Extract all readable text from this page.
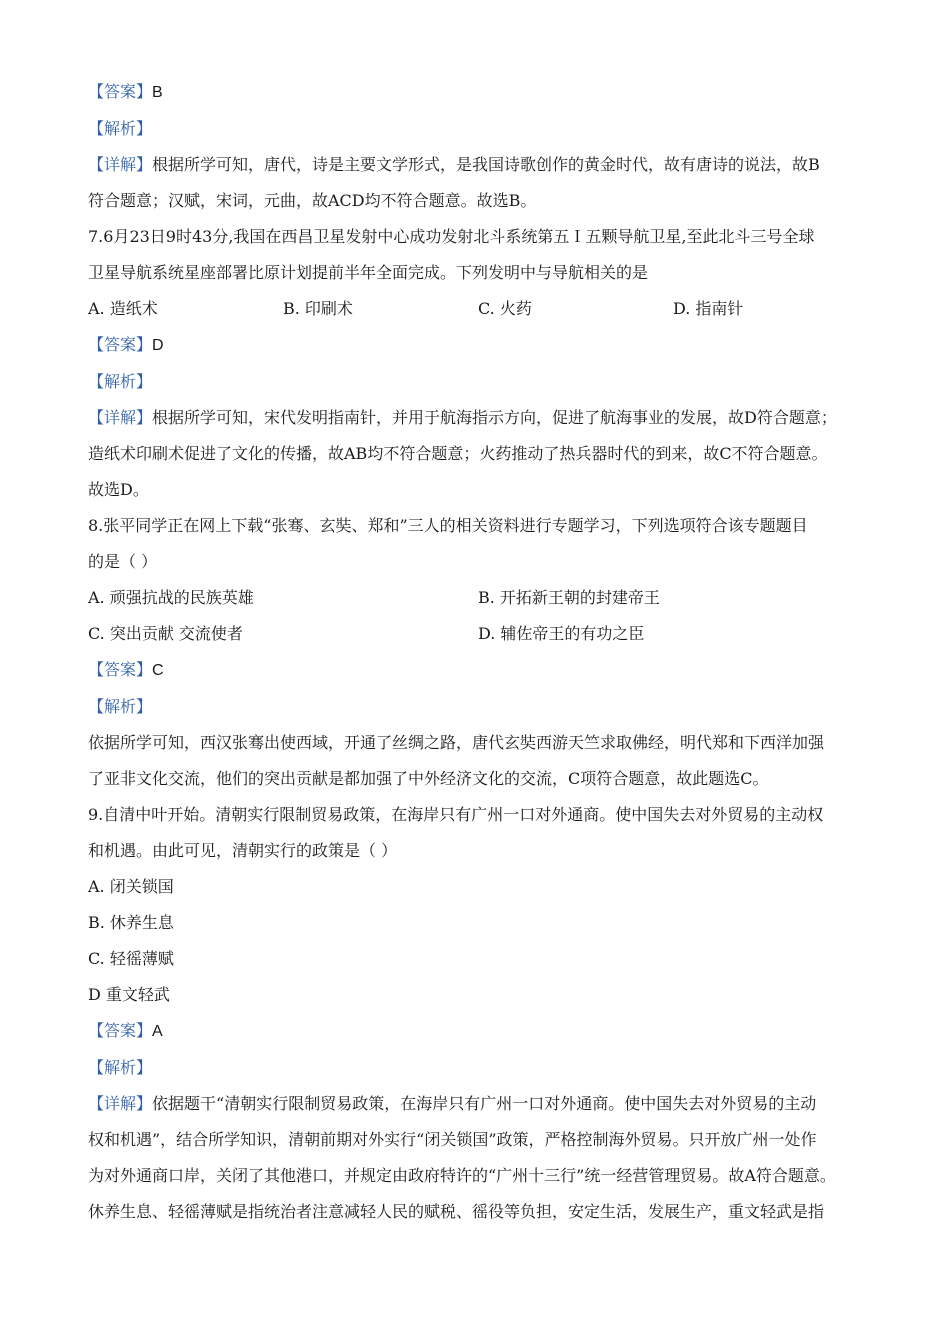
【答案】B
【解析】
【详解】根据所学可知，唐代，诗是主要文学形式，是我国诗歌创作的黄金时代，故有唐诗的说法，故B
符合题意；汉赋，宋词，元曲，故ACD均不符合题意。故选B。
7.6月23日9时43分,我国在西昌卫星发射中心成功发射北斗系统第五Ｉ五颗导航卫星,至此北斗三号全球
卫星导航系统星座部署比原计划提前半年全面完成。下列发明中与导航相关的是
A. 造纸术	B. 印刷术	C. 火药	D. 指南针
【答案】D
【解析】
【详解】根据所学可知，宋代发明指南针，并用于航海指示方向，促进了航海事业的发展，故D符合题意；
造纸术印刷术促进了文化的传播，故AB均不符合题意；火药推动了热兵器时代的到来，故C不符合题意。
故选D。
8.张平同学正在网上下载“张骞、玄奘、郑和”三人的相关资料进行专题学习，下列选项符合该专题题目
的是（ ）
A. 顽强抗战的民族英雄	B. 开拓新王朝的封建帝王
C. 突出贡献 交流使者	D. 辅佐帝王的有功之臣
【答案】C
【解析】
依据所学可知，西汉张骞出使西域，开通了丝绸之路，唐代玄奘西游天竺求取佛经，明代郑和下西洋加强
了亚非文化交流，他们的突出贡献是都加强了中外经济文化的交流，C项符合题意，故此题选C。
9.自清中叶开始。清朝实行限制贸易政策，在海岸只有广州一口对外通商。使中国失去对外贸易的主动权
和机遇。由此可见，清朝实行的政策是（ ）
A. 闭关锁国
B. 休养生息
C. 轻徭薄赋
D 重文轻武
【答案】A
【解析】
【详解】依据题干“清朝实行限制贸易政策，在海岸只有广州一口对外通商。使中国失去对外贸易的主动
权和机遇”，结合所学知识，清朝前期对外实行“闭关锁国”政策，严格控制海外贸易。只开放广州一处作
为对外通商口岸，关闭了其他港口，并规定由政府特许的“广州十三行”统一经营管理贸易。故A符合题意。
休养生息、轻徭薄赋是指统治者注意减轻人民的赋税、徭役等负担，安定生活，发展生产，重文轻武是指
